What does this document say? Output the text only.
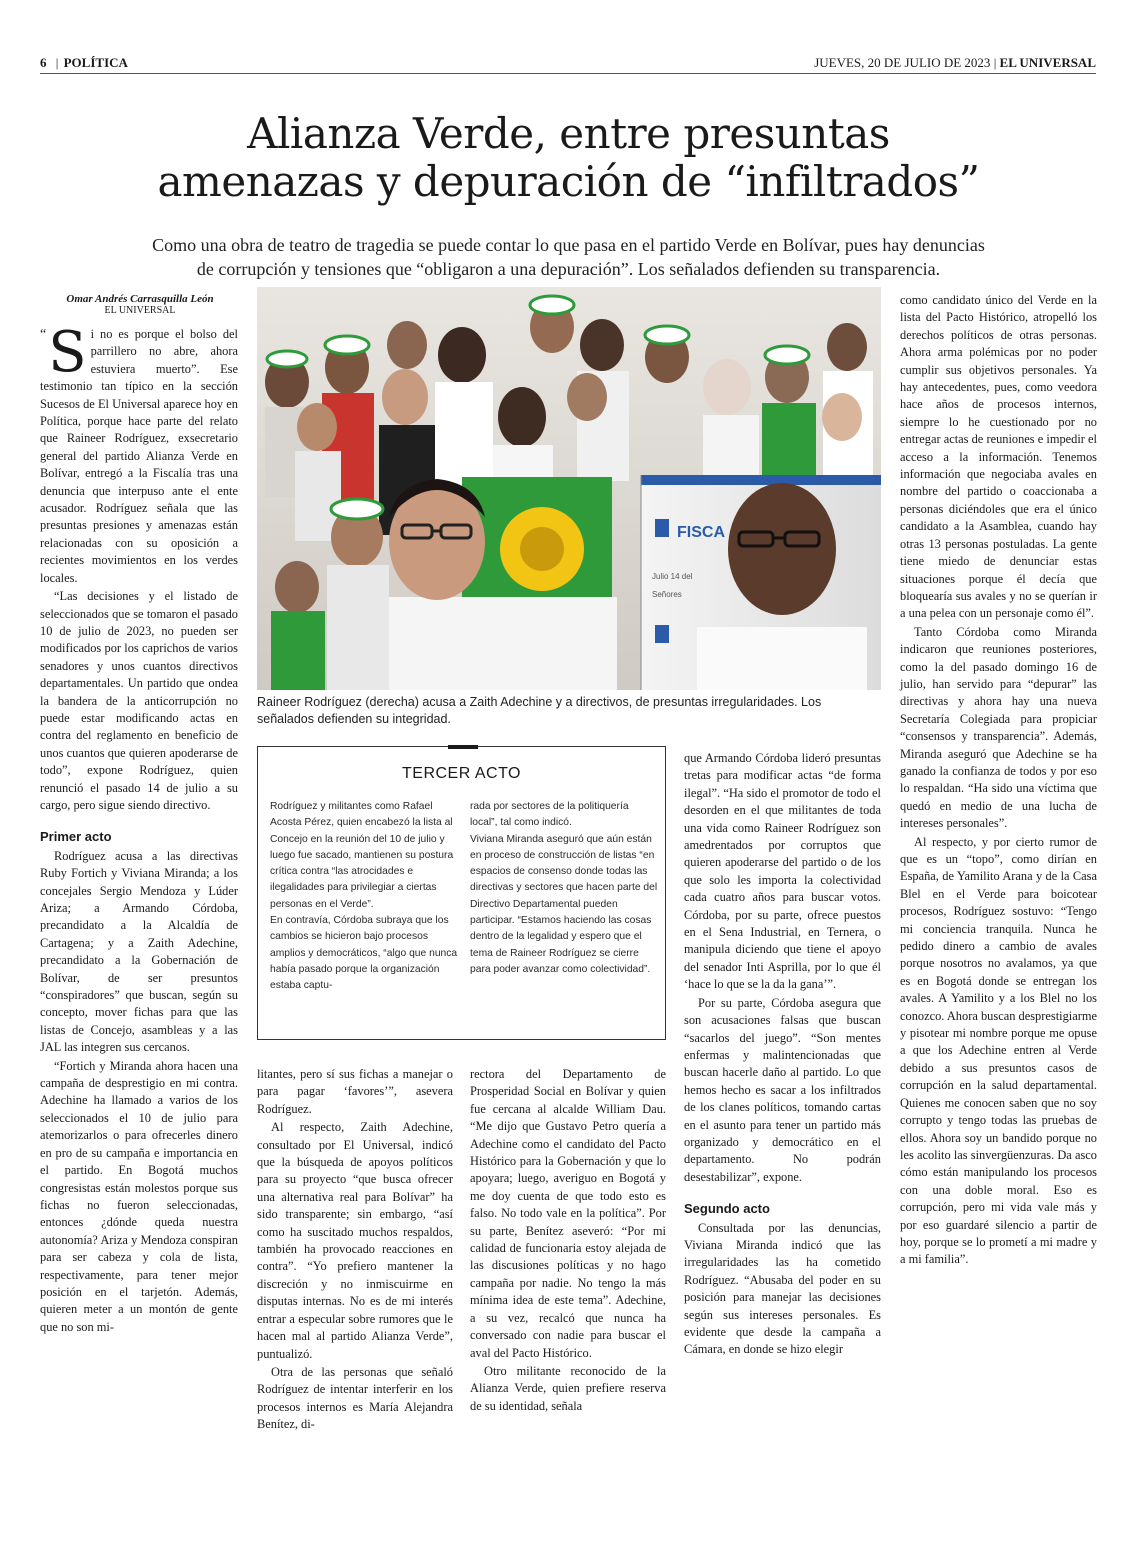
6 | POLÍTICA	JUEVES, 20 DE JULIO DE 2023 | EL UNIVERSAL
Alianza Verde, entre presuntas
amenazas y depuración de “infiltrados”
Como una obra de teatro de tragedia se puede contar lo que pasa en el partido Verde en Bolívar, pues hay denuncias
de corrupción y tensiones que “obligaron a una depuración”. Los señalados defienden su transparencia.
Omar Andrés Carrasquilla León
EL UNIVERSAL

“ S i no es porque el bolso del parrillero no abre, ahora estuviera muerto”. Ese testimonio tan típico en la sección Sucesos de El Universal aparece hoy en Política, porque hace parte del relato que Raineer Rodríguez, exsecretario general del partido Alianza Verde en Bolívar, entregó a la Fiscalía tras una denuncia que interpuso ante el ente acusador. Rodríguez señala que las presuntas presiones y amenazas están relacionadas con su oposición a recientes movimientos en los verdes locales.

“Las decisiones y el listado de seleccionados que se tomaron el pasado 10 de julio de 2023, no pueden ser modificados por los caprichos de varios senadores y unos cuantos directivos departamentales. Un partido que ondea la bandera de la anticorrupción no puede estar modificando actas en contra del reglamento en beneficio de unos cuantos que quieren apoderarse de todo”, expone Rodríguez, quien renunció el pasado 14 de julio a su cargo, pero sigue siendo directivo.

Primer acto

Rodríguez acusa a las directivas Ruby Fortich y Viviana Miranda; a los concejales Sergio Mendoza y Lúder Ariza; a Armando Córdoba, precandidato a la Alcaldía de Cartagena; y a Zaith Adechine, precandidato a la Gobernación de Bolívar, de ser presuntos “conspiradores” que buscan, según su concepto, mover fichas para que las listas de Concejo, asambleas y a las JAL las integren sus cercanos.

“Fortich y Miranda ahora hacen una campaña de desprestigio en mi contra. Adechine ha llamado a varios de los seleccionados el 10 de julio para atemorizarlos o para ofrecerles dinero en pro de su campaña e importancia en el partido. En Bogotá muchos congresistas están molestos porque sus fichas no fueron seleccionadas, entonces ¿dónde queda nuestra autonomía? Ariza y Mendoza conspiran para ser cabeza y cola de lista, respectivamente, para tener mejor posición en el tarjetón. Además, quieren meter a un montón de gente que no son mi-

FISCA
Julio 14 del
Señores
Raineer Rodríguez (derecha) acusa a Zaith Adechine y a directivos, de presuntas irregularidades. Los señalados defienden su integridad.
TERCER ACTO
Rodríguez y militantes como Rafael Acosta Pérez, quien encabezó la lista al Concejo en la reunión del 10 de julio y luego fue sacado, mantienen su postura crítica contra “las atrocidades e ilegalidades para privilegiar a ciertas personas en el Verde”.
En contravía, Córdoba subraya que los cambios se hicieron bajo procesos amplios y democráticos, “algo que nunca había pasado porque la organización estaba captu-
rada por sectores de la politiquería local”, tal como indicó.
Viviana Miranda aseguró que aún están en proceso de construcción de listas “en espacios de consenso donde todas las directivas y sectores que hacen parte del Directivo Departamental pueden participar. “Estamos haciendo las cosas dentro de la legalidad y espero que el tema de Raineer Rodríguez se cierre para poder avanzar como colectividad”.

litantes, pero sí sus fichas a manejar o para pagar ‘favores’”, asevera Rodríguez.

Al respecto, Zaith Adechine, consultado por El Universal, indicó que la búsqueda de apoyos políticos para su proyecto “que busca ofrecer una alternativa real para Bolívar” ha sido transparente; sin embargo, “así como ha suscitado muchos respaldos, también ha provocado reacciones en contra”. “Yo prefiero mantener la discreción y no inmiscuirme en disputas internas. No es de mi interés entrar a especular sobre rumores que le hacen mal al partido Alianza Verde”, puntualizó.

Otra de las personas que señaló Rodríguez de intentar interferir en los procesos internos es María Alejandra Benítez, di-

rectora del Departamento de Prosperidad Social en Bolívar y quien fue cercana al alcalde William Dau. “Me dijo que Gustavo Petro quería a Adechine como el candidato del Pacto Histórico para la Gobernación y que lo apoyara; luego, averiguo en Bogotá y me doy cuenta de que todo esto es falso. No todo vale en la política”. Por su parte, Benítez aseveró: “Por mi calidad de funcionaria estoy alejada de las discusiones políticas y no hago campaña por nadie. No tengo la más mínima idea de este tema”. Adechine, a su vez, recalcó que nunca ha conversado con nadie para buscar el aval del Pacto Histórico.

Otro militante reconocido de la Alianza Verde, quien prefiere reserva de su identidad, señala

que Armando Córdoba lideró presuntas tretas para modificar actas “de forma ilegal”. “Ha sido el promotor de todo el desorden en el que militantes de toda una vida como Raineer Rodríguez son amedrentados por corruptos que quieren apoderarse del partido o de los que solo les importa la colectividad cada cuatro años para buscar votos. Córdoba, por su parte, ofrece puestos en el Sena Industrial, en Ternera, o manipula diciendo que tiene el apoyo del senador Inti Asprilla, por lo que él ‘hace lo que se la da la gana’”.

Por su parte, Córdoba asegura que son acusaciones falsas que buscan “sacarlos del juego”. “Son mentes enfermas y malintencionadas que buscan hacerle daño al partido. Lo que hemos hecho es sacar a los infiltrados de los clanes políticos, tomando cartas en el asunto para tener un partido más organizado y democrático en el departamento. No podrán desestabilizar”, expone.

Segundo acto

Consultada por las denuncias, Viviana Miranda indicó que las irregularidades las ha cometido Rodríguez. “Abusaba del poder en su posición para manejar las decisiones según sus intereses personales. Es evidente que desde la campaña a Cámara, en donde se hizo elegir

como candidato único del Verde en la lista del Pacto Histórico, atropelló los derechos políticos de otras personas. Ahora arma polémicas por no poder cumplir sus objetivos personales. Ya hay antecedentes, pues, como veedora hace años de procesos internos, siempre lo he cuestionado por no entregar actas de reuniones e impedir el acceso a la información. Tenemos información que negociaba avales en nombre del partido o coaccionaba a personas diciéndoles que era el único candidato a la Asamblea, cuando hay otras 13 personas postuladas. La gente tiene miedo de denunciar estas situaciones porque él decía que bloquearía sus avales y no se querían ir a una pelea con un personaje como él”.

Tanto Córdoba como Miranda indicaron que reuniones posteriores, como la del pasado domingo 16 de julio, han servido para “depurar” las directivas y ahora hay una nueva Secretaría Colegiada para propiciar “consensos y transparencia”. Además, Miranda aseguró que Adechine se ha ganado la confianza de todos y por eso lo respaldan. “Ha sido una víctima que quedó en medio de una lucha de intereses personales”.

Al respecto, y por cierto rumor de que es un “topo”, como dirían en España, de Yamilito Arana y de la Casa Blel en el Verde para boicotear procesos, Rodríguez sostuvo: “Tengo mi conciencia tranquila. Nunca he pedido dinero a cambio de avales porque nosotros no avalamos, ya que es en Bogotá donde se entregan los avales. A Yamilito y a los Blel no los conozco. Ahora buscan desprestigiarme y pisotear mi nombre porque me opuse a que los Adechine entren al Verde debido a sus presuntos casos de corrupción en la salud departamental. Quienes me conocen saben que no soy corrupto y tengo todas las pruebas de ellos. Ahora soy un bandido porque no les acolito las sinvergüenzuras. Da asco cómo están manipulando los procesos con una doble moral. Eso es corrupción, pero mi vida vale más y por eso guardaré silencio a partir de hoy, porque se lo prometí a mi madre y a mi familia”.
